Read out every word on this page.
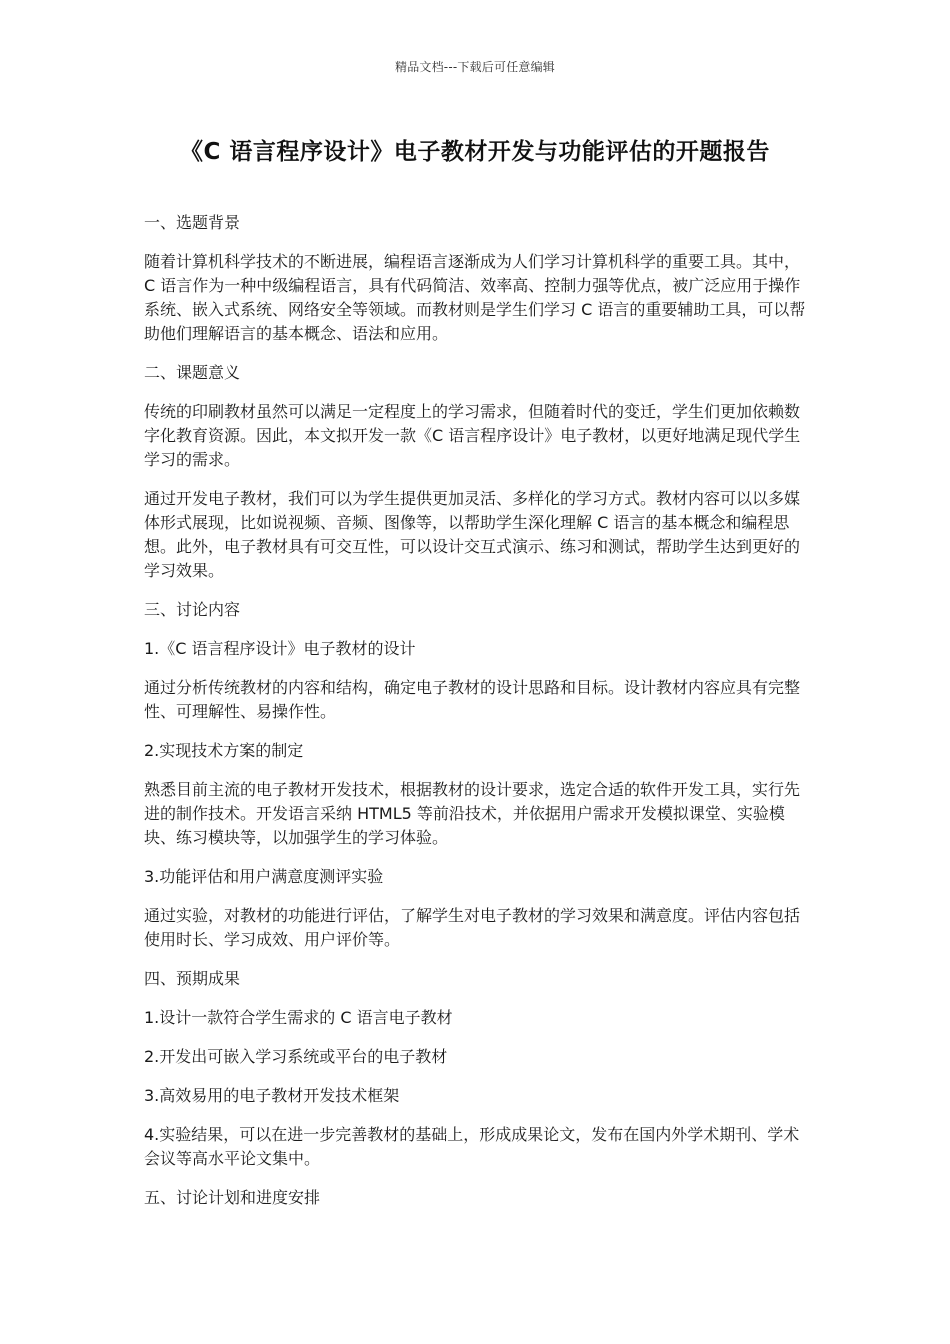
精品文档---下载后可任意编辑
《C 语言程序设计》电子教材开发与功能评估的开题报告

一、选题背景

随着计算机科学技术的不断进展，编程语言逐渐成为人们学习计算机科学的重要工具。其中，C 语言作为一种中级编程语言，具有代码简洁、效率高、控制力强等优点，被广泛应用于操作系统、嵌入式系统、网络安全等领域。而教材则是学生们学习 C 语言的重要辅助工具，可以帮助他们理解语言的基本概念、语法和应用。

二、课题意义

传统的印刷教材虽然可以满足一定程度上的学习需求，但随着时代的变迁，学生们更加依赖数字化教育资源。因此，本文拟开发一款《C 语言程序设计》电子教材，以更好地满足现代学生学习的需求。

通过开发电子教材，我们可以为学生提供更加灵活、多样化的学习方式。教材内容可以以多媒体形式展现，比如说视频、音频、图像等，以帮助学生深化理解 C 语言的基本概念和编程思想。此外，电子教材具有可交互性，可以设计交互式演示、练习和测试，帮助学生达到更好的学习效果。

三、讨论内容

1.《C 语言程序设计》电子教材的设计

通过分析传统教材的内容和结构，确定电子教材的设计思路和目标。设计教材内容应具有完整性、可理解性、易操作性。

2.实现技术方案的制定

熟悉目前主流的电子教材开发技术，根据教材的设计要求，选定合适的软件开发工具，实行先进的制作技术。开发语言采纳 HTML5 等前沿技术，并依据用户需求开发模拟课堂、实验模块、练习模块等，以加强学生的学习体验。

3.功能评估和用户满意度测评实验

通过实验，对教材的功能进行评估，了解学生对电子教材的学习效果和满意度。评估内容包括使用时长、学习成效、用户评价等。

四、预期成果

1.设计一款符合学生需求的 C 语言电子教材

2.开发出可嵌入学习系统或平台的电子教材

3.高效易用的电子教材开发技术框架

4.实验结果，可以在进一步完善教材的基础上，形成成果论文，发布在国内外学术期刊、学术会议等高水平论文集中。

五、讨论计划和进度安排
